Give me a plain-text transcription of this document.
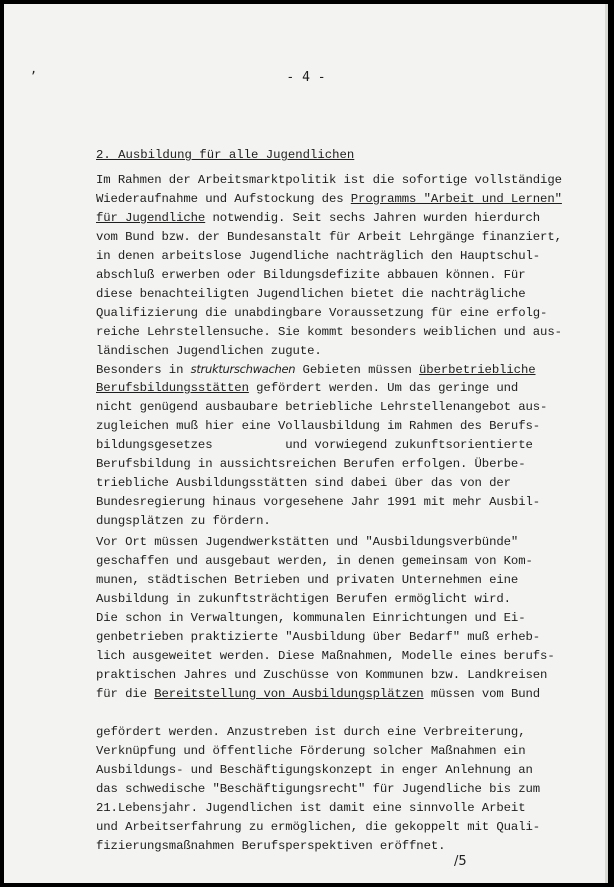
,
- 4 -
2. Ausbildung für alle Jugendlichen
Im Rahmen der Arbeitsmarktpolitik ist die sofortige vollständige
Wiederaufnahme und Aufstockung des Programms "Arbeit und Lernen"
für Jugendliche notwendig. Seit sechs Jahren wurden hierdurch
vom Bund bzw. der Bundesanstalt für Arbeit Lehrgänge finanziert,
in denen arbeitslose Jugendliche nachträglich den Hauptschul-
abschluß erwerben oder Bildungsdefizite abbauen können. Für
diese benachteiligten Jugendlichen bietet die nachträgliche
Qualifizierung die unabdingbare Voraussetzung für eine erfolg-
reiche Lehrstellensuche. Sie kommt besonders weiblichen und aus-
ländischen Jugendlichen zugute.
Besonders in strukturschwachen Gebieten müssen überbetriebliche
Berufsbildungsstätten gefördert werden. Um das geringe und
nicht genügend ausbaubare betriebliche Lehrstellenangebot aus-
zugleichen muß hier eine Vollausbildung im Rahmen des Berufs-
bildungsgesetzes          und vorwiegend zukunftsorientierte
Berufsbildung in aussichtsreichen Berufen erfolgen. Überbe-
triebliche Ausbildungsstätten sind dabei über das von der
Bundesregierung hinaus vorgesehene Jahr 1991 mit mehr Ausbil-
dungsplätzen zu fördern.
Vor Ort müssen Jugendwerkstätten und "Ausbildungsverbünde"
geschaffen und ausgebaut werden, in denen gemeinsam von Kom-
munen, städtischen Betrieben und privaten Unternehmen eine
Ausbildung in zukunftsträchtigen Berufen ermöglicht wird.
Die schon in Verwaltungen, kommunalen Einrichtungen und Ei-
genbetrieben praktizierte "Ausbildung über Bedarf" muß erheb-
lich ausgeweitet werden. Diese Maßnahmen, Modelle eines berufs-
praktischen Jahres und Zuschüsse von Kommunen bzw. Landkreisen
für die Bereitstellung von Ausbildungsplätzen müssen vom Bund
gefördert werden. Anzustreben ist durch eine Verbreiterung,
Verknüpfung und öffentliche Förderung solcher Maßnahmen ein
Ausbildungs- und Beschäftigungskonzept in enger Anlehnung an
das schwedische "Beschäftigungsrecht" für Jugendliche bis zum
21.Lebensjahr. Jugendlichen ist damit eine sinnvolle Arbeit
und Arbeitserfahrung zu ermöglichen, die gekoppelt mit Quali-
fizierungsmaßnahmen Berufsperspektiven eröffnet.
/5
